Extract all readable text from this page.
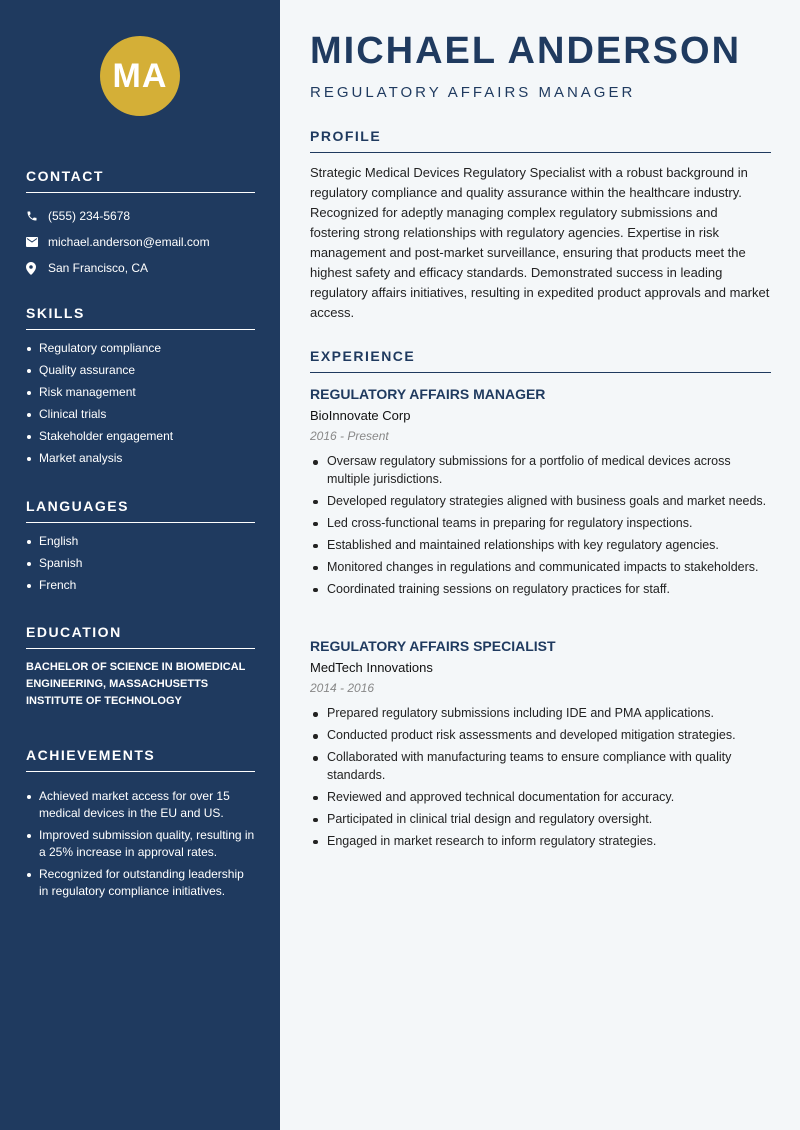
MA
CONTACT
(555) 234-5678
michael.anderson@email.com
San Francisco, CA
SKILLS
Regulatory compliance
Quality assurance
Risk management
Clinical trials
Stakeholder engagement
Market analysis
LANGUAGES
English
Spanish
French
EDUCATION

BACHELOR OF SCIENCE IN BIOMEDICAL ENGINEERING, MASSACHUSETTS INSTITUTE OF TECHNOLOGY

ACHIEVEMENTS
Achieved market access for over 15 medical devices in the EU and US.
Improved submission quality, resulting in a 25% increase in approval rates.
Recognized for outstanding leadership in regulatory compliance initiatives.
MICHAEL ANDERSON
REGULATORY AFFAIRS MANAGER
PROFILE

Strategic Medical Devices Regulatory Specialist with a robust background in regulatory compliance and quality assurance within the healthcare industry. Recognized for adeptly managing complex regulatory submissions and fostering strong relationships with regulatory agencies. Expertise in risk management and post-market surveillance, ensuring that products meet the highest safety and efficacy standards. Demonstrated success in leading regulatory affairs initiatives, resulting in expedited product approvals and market access.

EXPERIENCE
REGULATORY AFFAIRS MANAGER
BioInnovate Corp
2016 - Present
Oversaw regulatory submissions for a portfolio of medical devices across multiple jurisdictions.
Developed regulatory strategies aligned with business goals and market needs.
Led cross-functional teams in preparing for regulatory inspections.
Established and maintained relationships with key regulatory agencies.
Monitored changes in regulations and communicated impacts to stakeholders.
Coordinated training sessions on regulatory practices for staff.
REGULATORY AFFAIRS SPECIALIST
MedTech Innovations
2014 - 2016
Prepared regulatory submissions including IDE and PMA applications.
Conducted product risk assessments and developed mitigation strategies.
Collaborated with manufacturing teams to ensure compliance with quality standards.
Reviewed and approved technical documentation for accuracy.
Participated in clinical trial design and regulatory oversight.
Engaged in market research to inform regulatory strategies.
